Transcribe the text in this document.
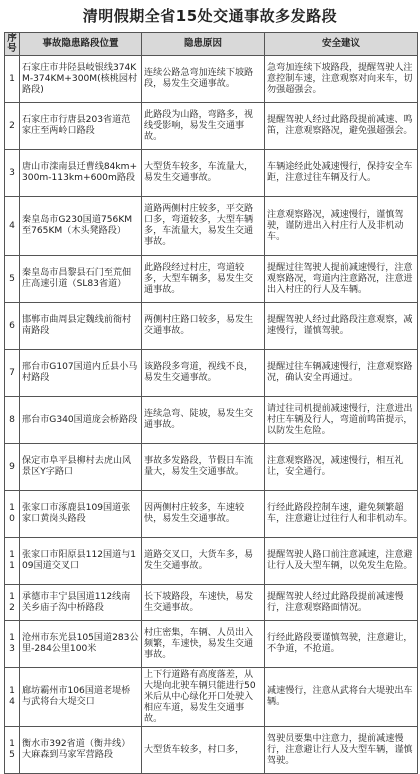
清明假期全省15处交通事故多发路段
序号	事故隐患路段位置	隐患原因	安全建议
1	石家庄市井陉县岐银线374KM-374KM+300M(核桃园村路段)	连续公路急弯加连续下坡路段，易发生交通事故。	急弯加连续下坡路段，提醒驾驶人注意控制车速，注意观察对向来车，切勿强超强会。
2	石家庄市行唐县203省道范家庄至两岭口路段	此路段为山路，弯路多，视线受影响，易发生交通事故。	提醒驾驶人经过此路段提前减速、鸣笛，注意观察路况，避免强超强会。
3	唐山市滦南县迁曹线84km+300m-113km+600m路段	大型货车较多，车流量大，易发生交通事故。	车辆途经此处减速慢行，保持安全车距，注意过往车辆及行人。
4	秦皇岛市G230国道756KM至765KM（木头凳路段）	道路两侧村庄较多，平交路口多，弯道较多，大型车辆多，车流量大，易发生交通事故。	注意观察路况，减速慢行，谨慎驾驶，谨防进出入村庄行人及非机动车。
5	秦皇岛市昌黎县石门至荒佃庄高速引道（SL83省道）	此路段经过村庄，弯道较多，大型车辆多，易发生交通事故。	提醒过往驾驶人提前减速慢行，注意观察路况，弯道内注意路况，注意进出入村庄的行人及车辆。
6	邯郸市曲周县定魏线前衙村南路段	两侧村庄路口较多，易发生交通事故。	提醒驾驶人经过此路段注意观察，减速慢行，谨慎驾驶。
7	邢台市G107国道内丘县小马村路段	该路段多弯道，视线不良，易发生交通事故。	提醒过往车辆减速慢行，注意观察路况，确认安全再通过。
8	邢台市G340国道庞会桥路段	连续急弯、陡坡，易发生交通事故。	请过往司机提前减速慢行，注意进出村庄车辆及行人，弯道前鸣笛提示，以防发生危险。
9	保定市阜平县柳村去虎山风景区Y字路口	事故多发路段，节假日车流量大，易发生交通事故。	注意观察路况，减速慢行，相互礼让，安全通行。
10	张家口市涿鹿县109国道张家口黄岗头路段	因两侧村庄较多，车速较快，易发生交通事故。	行经此路段控制车速，避免频繁超车，注意避让过往行人和非机动车。
11	张家口市阳原县112国道与109国道交叉口	道路交叉口，大货车多，易发生交通事故。	提醒驾驶人路口前注意减速，注意避让行人及大型车辆，以免发生危险。
12	承德市丰宁县国道112线南关乡庙子沟中桥路段	长下坡路段，车速快，易发生交通事故。	提醒驾驶人经过此路段提前减速慢行，注意观察路面情况。
13	沧州市东光县105国道283公里-284公里100米	村庄密集，车辆、人员出入频繁，车速快，易发生交通事故。	行经此路段要谨慎驾驶，注意避让，不争道，不抢道。
14	廊坊霸州市106国道老堤桥与武将台大堤交口	上下行道路有高度落差，从大堤向北驶车辆只能进行50米后从中心绿化开口处驶入相应车道，易发生交通事故。	减速慢行，注意从武将台大堤驶出车辆。
15	衡水市392省道（衡井线）大麻森到马家军营路段	大型货车较多，村口多，	驾驶员要集中注意力，提前减速慢行，注意避让行人及大型车辆，谨慎驾驶。
